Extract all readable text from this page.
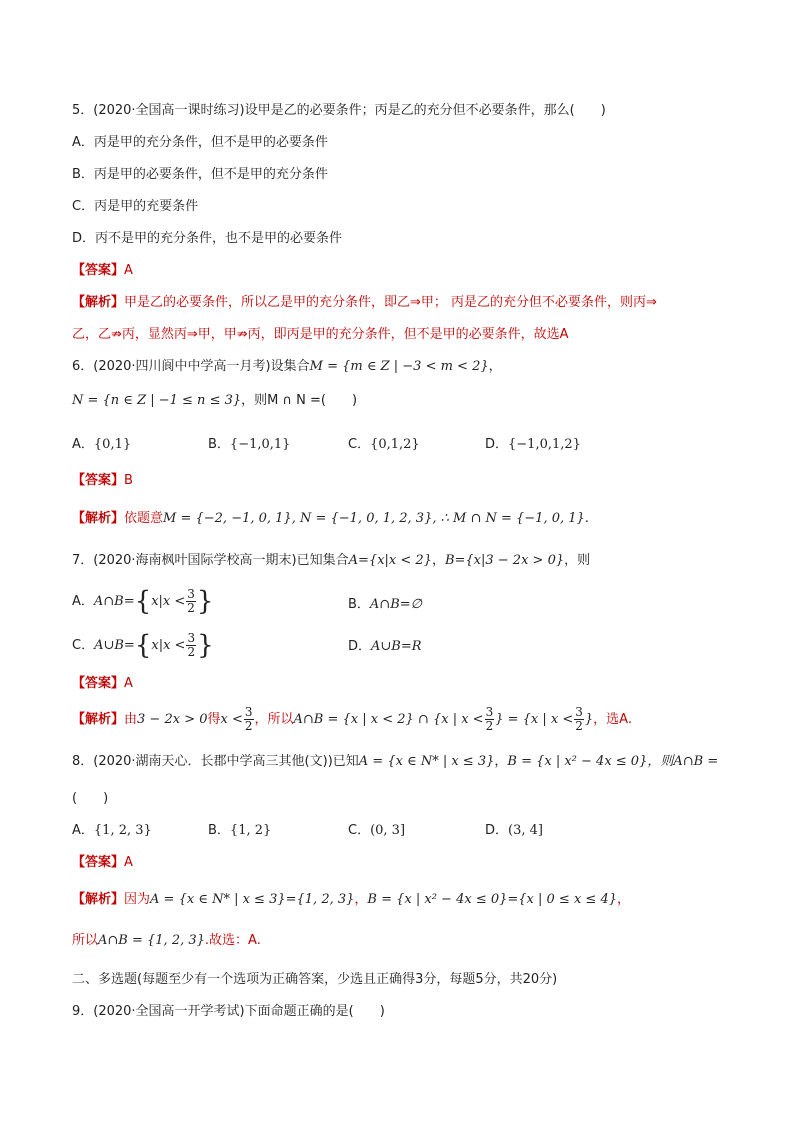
5．(2020·全国高一课时练习)设甲是乙的必要条件；丙是乙的充分但不必要条件，那么(　　)
A．丙是甲的充分条件，但不是甲的必要条件
B．丙是甲的必要条件，但不是甲的充分条件
C．丙是甲的充要条件
D．丙不是甲的充分条件，也不是甲的必要条件
【答案】A
【解析】甲是乙的必要条件，所以乙是甲的充分条件，即乙⇒甲； 丙是乙的充分但不必要条件，则丙⇒
乙，乙⇏丙，显然丙⇒甲，甲⇏丙，即丙是甲的充分条件，但不是甲的必要条件，故选A
6．(2020·四川阆中中学高一月考)设集合M = {m ∈ Z | −3 < m < 2}，
N = {n ∈ Z | −1 ≤ n ≤ 3}，则M ∩ N =(　　)
A．{0,1}	B．{−1,0,1}	C．{0,1,2}	D．{−1,0,1,2}
【答案】B
【解析】依题意M = {−2, −1, 0, 1}, N = {−1, 0, 1, 2, 3}, ∴ M ∩ N = {−1, 0, 1}.
7．(2020·海南枫叶国际学校高一期末)已知集合A={x|x < 2}，B={x|3 − 2x > 0}，则
A．A∩B={x|x < $\frac{3}{2}$ }	B．A∩B=∅
C．A∪B={x|x < $\frac{3}{2}$ }	D．A∪B=R
【答案】A
【解析】由3 − 2x > 0得$x < \frac{3}{2}$ ，所以A∩B = {x | x < 2} ∩ {x | $x < \frac{3}{2}$ } = {x | $x < \frac{3}{2}$ }，选A.
8．(2020·湖南天心．长郡中学高三其他(文))已知A = {x ∈ N* | x ≤ 3}，B = {x | x² − 4x ≤ 0}，则A∩B =
(　　)
A．{1, 2, 3}	B．{1, 2}	C．(0, 3]	D．(3, 4]
【答案】A
【解析】因为A = {x ∈ N* | x ≤ 3}={1, 2, 3}，B = {x | x² − 4x ≤ 0}={x | 0 ≤ x ≤ 4}，
所以A∩B = {1, 2, 3}.故选：A.
二、多选题(每题至少有一个选项为正确答案，少选且正确得3分，每题5分，共20分)
9．(2020·全国高一开学考试)下面命题正确的是(　　)
